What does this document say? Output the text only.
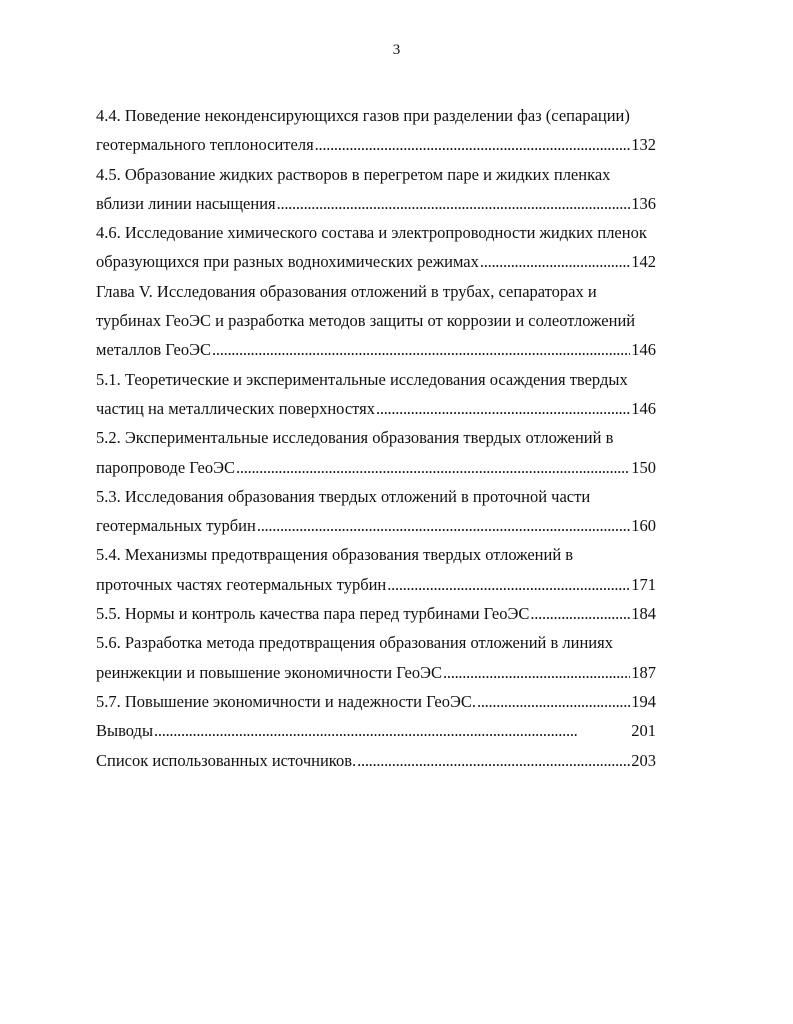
3
4.4. Поведение неконденсирующихся газов при разделении фаз (сепарации)
геотермального теплоносителя . . .	132
4.5. Образование жидких растворов в перегретом паре и жидких пленках
вблизи линии насыщения . . .	136
4.6. Исследование химического состава и электропроводности жидких пленок
образующихся при разных воднохимических режимах . . .	142
Глава V. Исследования образования отложений в трубах, сепараторах и
турбинах ГеоЭС и разработка методов защиты от коррозии и солеотложений
металлов ГеоЭС . . .	146
5.1. Теоретические и экспериментальные исследования осаждения твердых
частиц на металлических поверхностях . . .	146
5.2. Экспериментальные исследования образования твердых отложений в
паропроводе ГеоЭС . . .	150
5.3. Исследования образования твердых отложений в проточной части
геотермальных турбин . . .	160
5.4. Механизмы предотвращения образования твердых отложений в
проточных частях геотермальных турбин . . .	171
5.5. Нормы и контроль качества пара перед турбинами ГеоЭС . . .	184
5.6. Разработка метода предотвращения образования отложений в линиях
реинжекции и повышение экономичности ГеоЭС . . .	187
5.7. Повышение экономичности и надежности ГеоЭС. . . .	194
Выводы . . .	201
Список использованных источников. . . .	203
